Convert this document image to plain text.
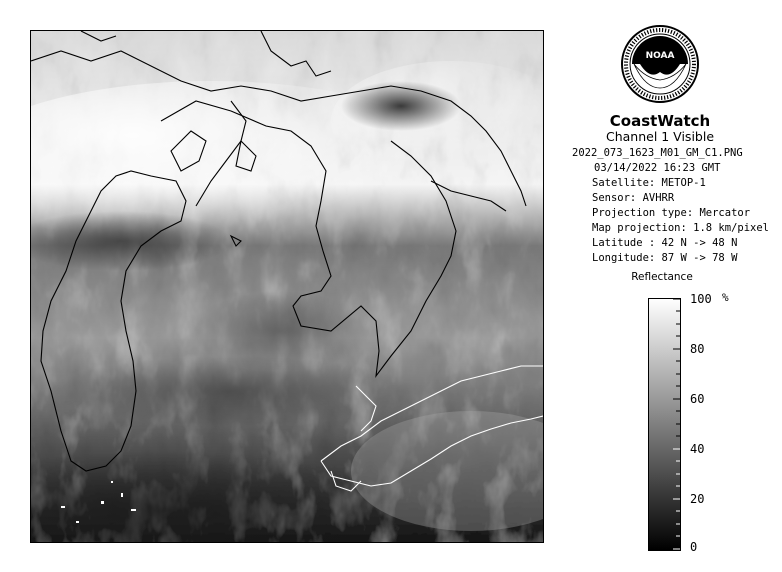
NOAA
CoastWatch
Channel 1 Visible
2022_073_1623_M01_GM_C1.PNG
03/14/2022 16:23 GMT
Satellite: METOP-1
Sensor: AVHRR
Projection type: Mercator
Map projection: 1.8 km/pixel
Latitude : 42 N -> 48 N
Longitude: 87 W -> 78 W
Reflectance
100 %
80
60
40
20
0
